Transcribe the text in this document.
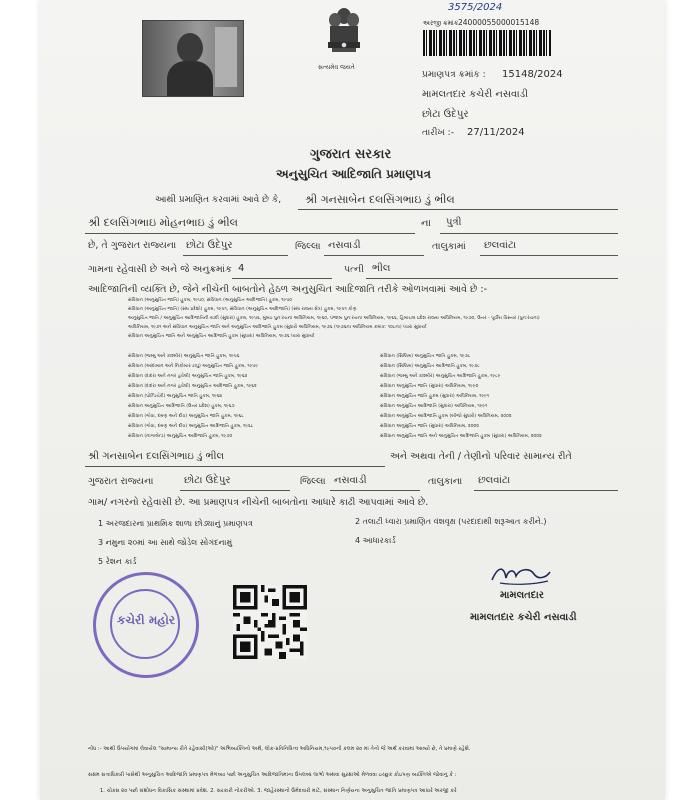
સત્યમેવ જયતે
3575/2024
અરજી ક્રમાંક :
24000055000015148
પ્રમાણપત્ર ક્રમાંક : 15148/2024
મામલતદાર કચેરી નસવાડી
છોટા ઉદેપુર
તારીખ :- 27/11/2024
ગુજરાત સરકાર
અનુસુચિત આદિજાતિ પ્રમાણપત્ર
આથી પ્રમાણિત કરવામાં આવે છે કે, શ્રી ગનસાબેન દલસિંગભાઇ ડું ભીલ
શ્રી દલસિંગભાઇ મોહનભાઇ ડું ભીલ	ના પુત્રી
છે, તે ગુજરાત રાજ્યના છોટા ઉદેપુર	જિલ્લા નસવાડી	તાલુકામાં છલવાંટા
ગામના રહેવાસી છે અને જે અનુક્રમાંક 4	પત્ની ભીલ
આદિજાતિની વ્યક્તિ છે, જેને નીચેની બાબતોને હેઠળ અનુસુચિત આદિજાતિ તરીકે ઓળખવામાં આવે છે :-
સંવિધાન (અનુસુચિત જાતિ) હુકમ, ૧૯૫૦, સંવિધાન (અનુસુચિત આદિજાતિ) હુકમ, ૧૯૫૦
સંવિધાન (અનુસુચિત જાતિ) (સંઘ પ્રદેશો) હુકમ, ૧૯૫૧, સંવિધાન (અનુસુચિત આદિજાતિ) (સંઘ રાજ્ય ક્ષેત્ર) હુકમ, ૧૯૫૧ કોણ
અનુસુચિત જાતિ / અનુસુચિત આદિજાતિની યાદી (સુધારા) હુકમ, ૧૯૫૬, મુંબઇ પુનઃરચના અધિનિયમ, ૧૯૬૦, પંજાબ પુનઃરચના અધિનિયમ, ૧૯૬૬, હિમાચલ પ્રદેશ રાજ્ય અધિનિયમ, ૧૯૭૦, ઉત્તર - પૂર્વીય વિસ્તાર (પુનઃરચના)
અધિનિયમ, ૧૯૭૧ અને સંવિધાન અનુસુચિત જાતિ અને અનુસુચિત આદિજાતિ હુકમ (સુધારો અધિનિયમ, ૧૯૭૬ (૧૯૭૬ના અધિનિયમ ક્રમાંક: ૧૦૮ના) ધ્વારા સુધાર્યા
સંવિધાન અનુસુચિત જાતિ અને અનુસુચિત આદિજાતિ હુકમ (સુધારા) અધિનિયમ, ૧૯૭૬ ધ્વારા સુધાર્યા
સંવિધાન (જમ્મુ અને કાશ્મીર) અનુસુચિત જાતિ હુકમ, ૧૯૫૬
સંવિધાન (આંદામાન અને નિકોબાર ટાપુ) અનુસુચિત જાતિ હુકમ, ૧૯૫૯
સંવિધાન (દાદરા અને નગર હવેલી) અનુસુચિત જાતિ હુકમ, ૧૯૬૨
સંવિધાન (દાદરા અને નગર હવેલી) અનુસુચિત આદિજાતિ હુકમ, ૧૯૬૨
સંવિધાન (પોન્ડિચેરી) અનુસુચિત જાતિ હુકમ, ૧૯૬૪
સંવિધાન અનુસુચિત આદિજાતિ (ઉત્તર પ્રદેશ) હુકમ, ૧૯૬૭
સંવિધાન (ગોવા, દમણ અને દીવ) અનુસુચિત જાતિ હુકમ, ૧૯૬૮
સંવિધાન (ગોવા, દમણ અને દીવ) અનુસુચિત આદિજાતિ હુકમ, ૧૯૬૮
સંવિધાન (નાગાલેન્ડ) અનુસુચિત આદિજાતિ હુકમ, ૧૯૭૦
સંવિધાન (સિક્કિમ) અનુસુચિત જાતિ હુકમ, ૧૯૭૮
સંવિધાન (સિક્કિમ) અનુસુચિત આદિજાતિ હુકમ, ૧૯૭૮
સંવિધાન (જમ્મુ અને કાશ્મીર) અનુસુચિત આદિજાતિ હુકમ, ૧૯૮૯
સંવિધાન અનુસુચિત જાતિ (સુધારા) અધિનિયમ, ૧૯૯૦
સંવિધાન અનુસુચિત જાતિ હુકમ (સુધારા) અધિનિયમ, ૧૯૯૧
સંવિધાન અનુસુચિત આદિજાતિ (સુધારા) અધિનિયમ, ૧૯૯૧
સંવિધાન અનુસુચિત આદિજાતિ હુકમ (બીજો સુધારો) અધિનિયમ, ૨૦૦૨
સંવિધાન અનુસુચિત જાતિ (સુધારા) અધિનિયમ, ૨૦૦૨
સંવિધાન અનુસુચિત જાતિ અને અનુસુચિત આદિજાતિ હુકમ (સુધારા) અધિનિયમ, ૨૦૦૨
શ્રી ગનસાબેન દલસિંગભાઇ ડું ભીલ	અને અથવા તેની / તેણીનો પરિવાર સામાન્ય રીતે
ગુજરાત રાજ્યના	છોટા ઉદેપુર	જિલ્લા નસવાડી	તાલુકાના છલવાંટા
ગામ/ નગરનો રહેવાસી છે. આ પ્રમાણપત્ર નીચેની બાબતોના આધારે કાઢી આપવામાં આવે છે.
1 અરજદારના પ્રાથમિક શાળા છોડ્યાનું પ્રમાણપત્ર	2 તલાટી ધ્વારા પ્રમાણિત વંશવૃક્ષ (પરદાદાથી શરૂઆત કરીને.)
3 નમુના ૨૦માં આ સાથે જોડેલ સોગંદનામું	4 આધારકાર્ડ
5 રેશન કાર્ડ
કચેરી મહોર
મામલતદાર
મામલતદાર કચેરી નસવાડી
નોંધ :- આથી ઉપયોગમાં લેવાયેલ "સામાન્ય રીતે રહેવાસી(ઓ)" અભિવ્યક્તિનો અર્થ, લોક-પ્રતિનિધિત્વ અધિનિયમ,૧૯૫૦ની કલમ ૨૦ માં તેનો જે અર્થ કરવામાં આવ્યો છે, તે પ્રમાણે રહેશે.
સક્ષમ સત્તાધિકારી પાસેથી અનુસુચિત આદિજાતિ પ્રમાણપત્ર મેળવ્યા પછી અનુસુચિત આદિજાતિમાંના ઉપલબ્ધ લાભો અથવા સુરક્ષાઓ મેળવવા ઇચ્છુક કોઇપણ વ્યક્તિએ જોવાનું કે :
1. ચોક્સ ૨૦ પછી સંશોધન વિકાસિક સંસ્થામાં પ્રવેશ. 2. સરકારી નોકરીઓ. 3. જાહેરસ્થાનો ઉમેદવારી માટે, સંસ્થાન નિર્ણયના અનુસુચિત જાતિ પ્રમાણપત્ર આધારે અરજી કરે
